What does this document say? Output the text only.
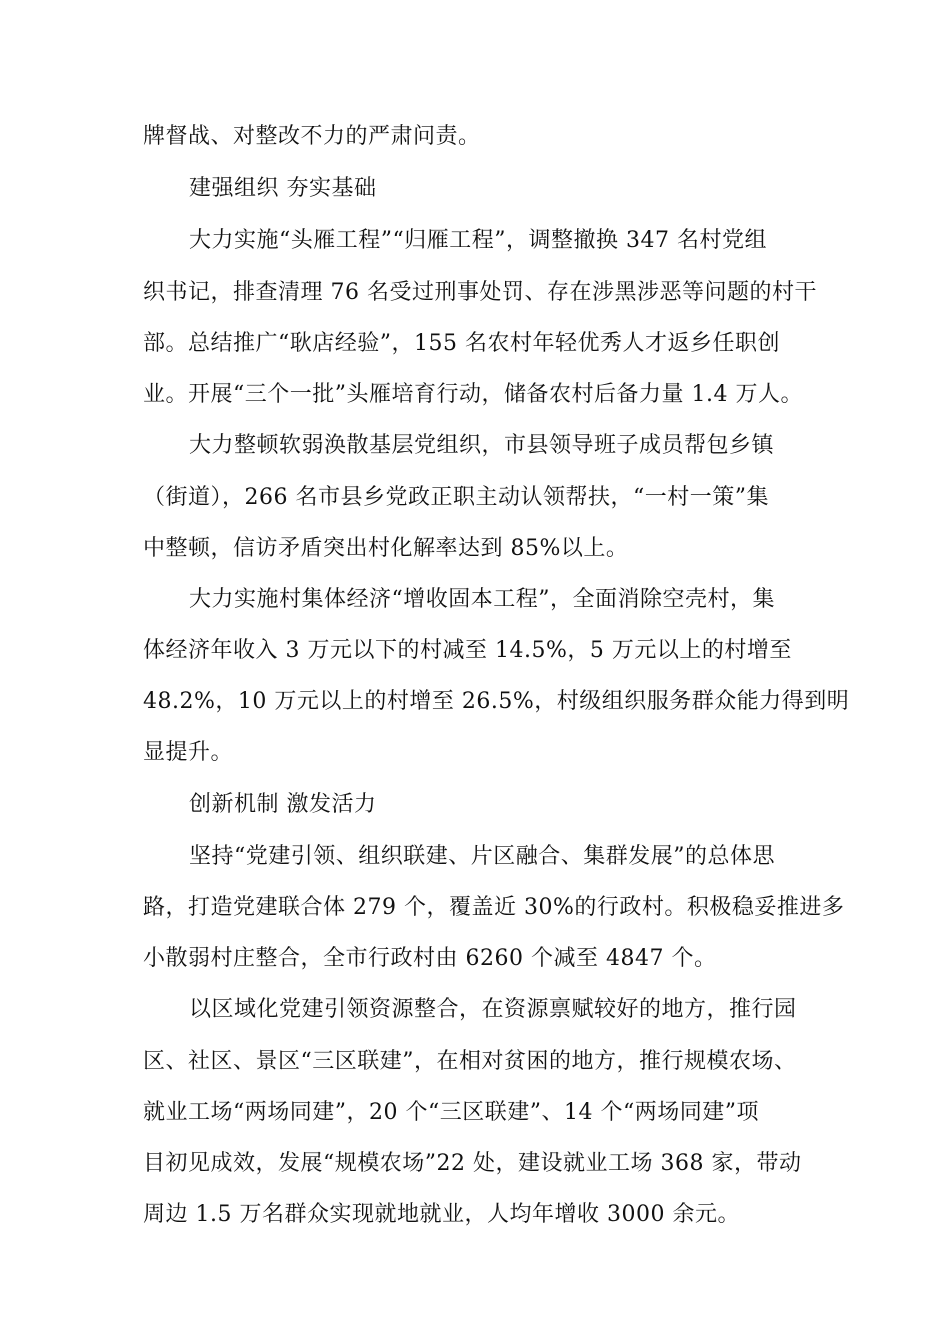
牌督战、对整改不力的严肃问责。
建强组织 夯实基础
大力实施“头雁工程”“归雁工程”，调整撤换 347 名村党组
织书记，排查清理 76 名受过刑事处罚、存在涉黑涉恶等问题的村干
部。总结推广“耿店经验”，155 名农村年轻优秀人才返乡任职创
业。开展“三个一批”头雁培育行动，储备农村后备力量 1.4 万人。
大力整顿软弱涣散基层党组织，市县领导班子成员帮包乡镇
（街道），266 名市县乡党政正职主动认领帮扶，“一村一策”集
中整顿，信访矛盾突出村化解率达到 85%以上。
大力实施村集体经济“增收固本工程”，全面消除空壳村，集
体经济年收入 3 万元以下的村减至 14.5%，5 万元以上的村增至
48.2%，10 万元以上的村增至 26.5%，村级组织服务群众能力得到明
显提升。
创新机制 激发活力
坚持“党建引领、组织联建、片区融合、集群发展”的总体思
路，打造党建联合体 279 个，覆盖近 30%的行政村。积极稳妥推进多
小散弱村庄整合，全市行政村由 6260 个减至 4847 个。
以区域化党建引领资源整合，在资源禀赋较好的地方，推行园
区、社区、景区“三区联建”，在相对贫困的地方，推行规模农场、
就业工场“两场同建”，20 个“三区联建”、14 个“两场同建”项
目初见成效，发展“规模农场”22 处，建设就业工场 368 家，带动
周边 1.5 万名群众实现就地就业，人均年增收 3000 余元。
